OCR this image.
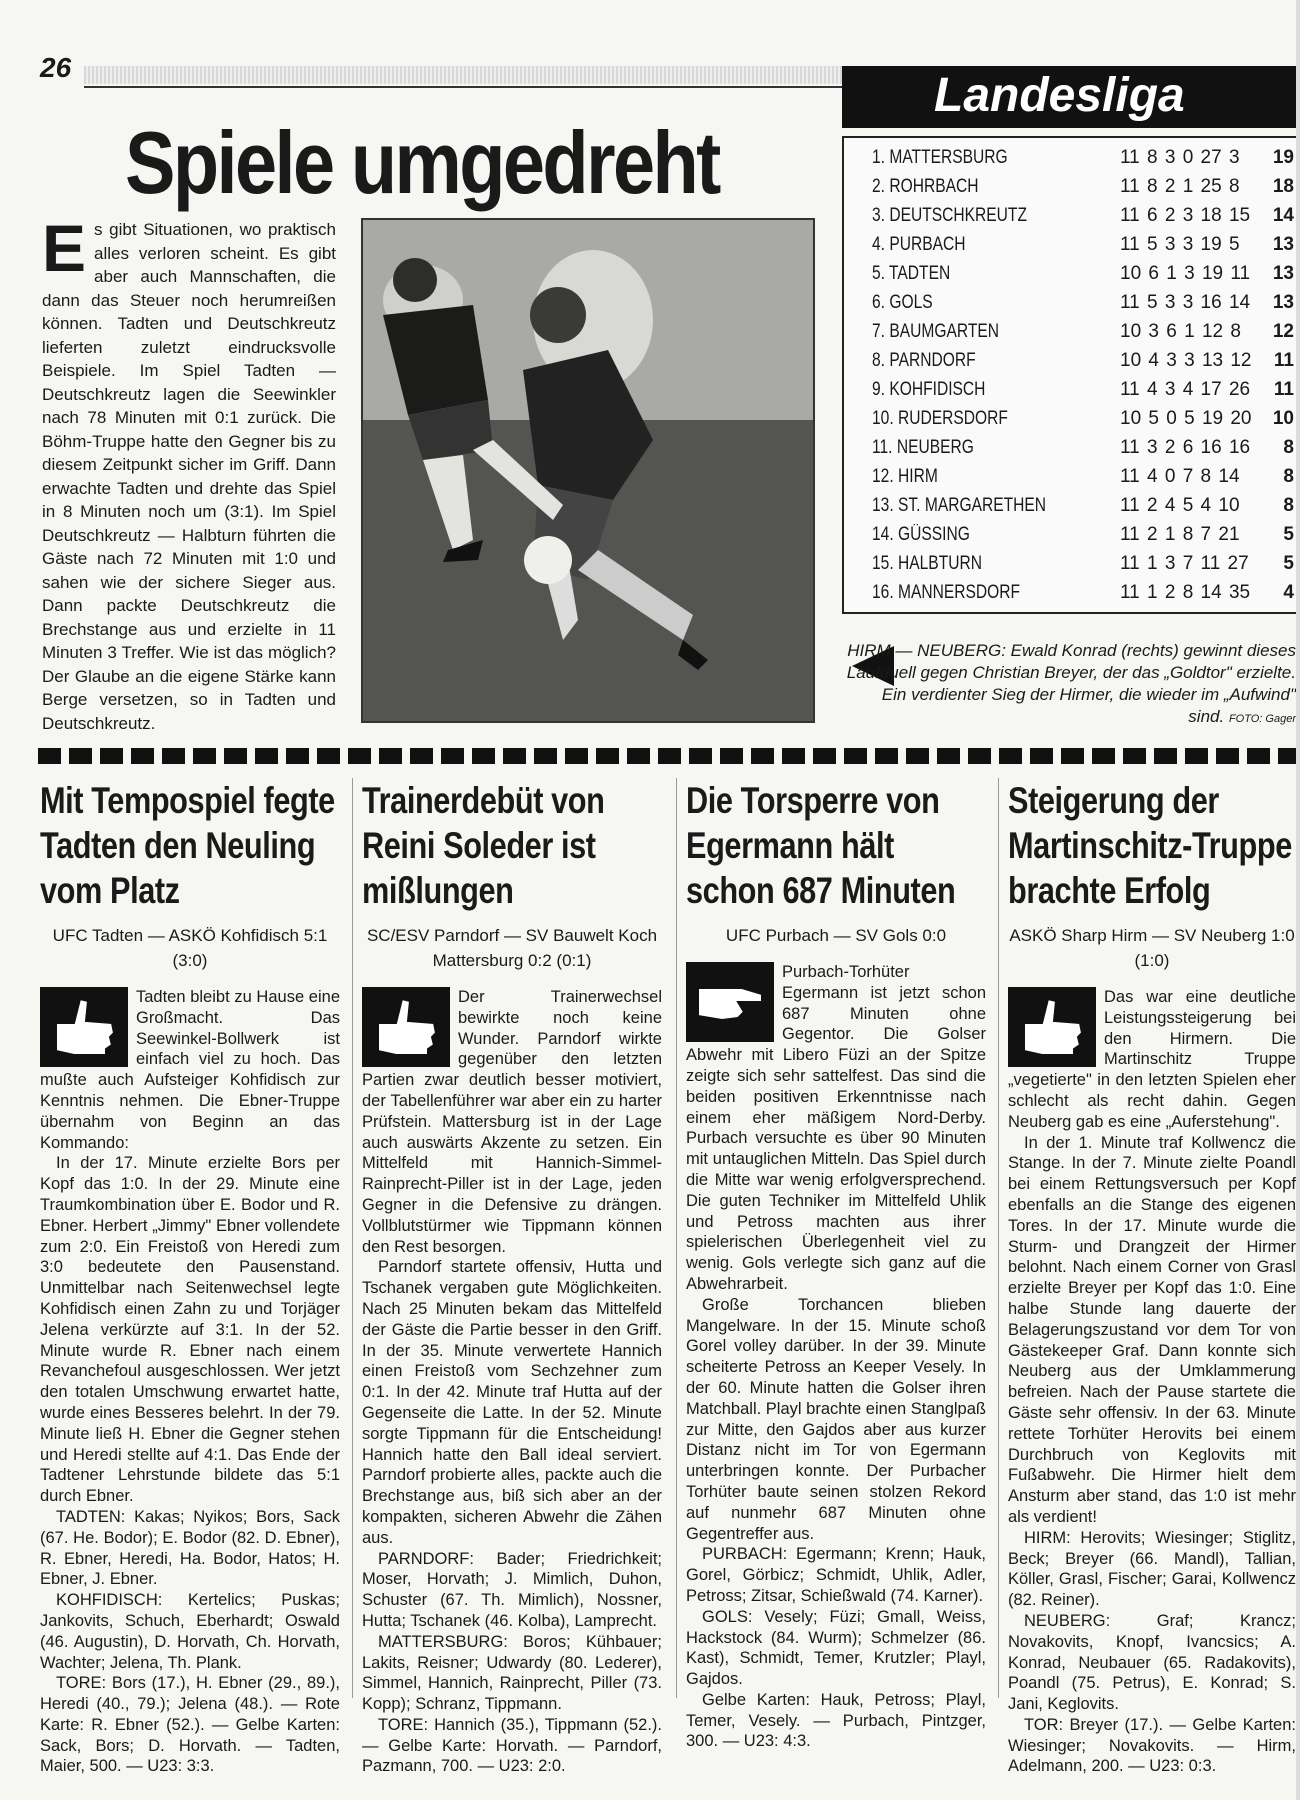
26
Spiele umgedreht
Es gibt Situationen, wo praktisch alles verloren scheint. Es gibt aber auch Mannschaften, die dann das Steuer noch herumreißen können. Tadten und Deutschkreutz lieferten zuletzt eindrucksvolle Beispiele. Im Spiel Tadten — Deutschkreutz lagen die Seewinkler nach 78 Minuten mit 0:1 zurück. Die Böhm-Truppe hatte den Gegner bis zu diesem Zeitpunkt sicher im Griff. Dann erwachte Tadten und drehte das Spiel in 8 Minuten noch um (3:1). Im Spiel Deutschkreutz — Halbturn führten die Gäste nach 72 Minuten mit 1:0 und sahen wie der sichere Sieger aus. Dann packte Deutschkreutz die Brechstange aus und erzielte in 11 Minuten 3 Treffer. Wie ist das möglich? Der Glaube an die eigene Stärke kann Berge versetzen, so in Tadten und Deutschkreutz.
Landesliga
1. MATTERSBURG	11 8 3 0 27 3 19
2. ROHRBACH	11 8 2 1 25 8 18
3. DEUTSCHKREUTZ	11 6 2 3 18 15 14
4. PURBACH	11 5 3 3 19 5 13
5. TADTEN	10 6 1 3 19 11 13
6. GOLS	11 5 3 3 16 14 13
7. BAUMGARTEN	10 3 6 1 12 8 12
8. PARNDORF	10 4 3 3 13 12 11
9. KOHFIDISCH	11 4 3 4 17 26 11
10. RUDERSDORF	10 5 0 5 19 20 10
11. NEUBERG	11 3 2 6 16 16 8
12. HIRM	11 4 0 7 8 14 8
13. ST. MARGARETHEN	11 2 4 5 4 10 8
14. GÜSSING	11 2 1 8 7 21 5
15. HALBTURN	11 1 3 7 11 27 5
16. MANNERSDORF	11 1 2 8 14 35 4
HIRM — NEUBERG: Ewald Konrad (rechts) gewinnt dieses Laufduell gegen Christian Breyer, der das „Goldtor" erzielte. Ein verdienter Sieg der Hirmer, die wieder im „Aufwind" sind. FOTO: Gager
Mit Tempospiel fegte Tadten den Neuling vom Platz
UFC Tadten — ASKÖ Kohfidisch 5:1 (3:0)

Tadten bleibt zu Hause eine Großmacht. Das Seewinkel-Bollwerk ist einfach viel zu hoch. Das mußte auch Aufsteiger Kohfidisch zur Kenntnis nehmen. Die Ebner-Truppe übernahm von Beginn an das Kommando:

In der 17. Minute erzielte Bors per Kopf das 1:0. In der 29. Minute eine Traumkombination über E. Bodor und R. Ebner. Herbert „Jimmy" Ebner vollendete zum 2:0. Ein Freistoß von Heredi zum 3:0 bedeutete den Pausenstand. Unmittelbar nach Seitenwechsel legte Kohfidisch einen Zahn zu und Torjäger Jelena verkürzte auf 3:1. In der 52. Minute wurde R. Ebner nach einem Revanchefoul ausgeschlossen. Wer jetzt den totalen Umschwung erwartet hatte, wurde eines Besseres belehrt. In der 79. Minute ließ H. Ebner die Gegner stehen und Heredi stellte auf 4:1. Das Ende der Tadtener Lehrstunde bildete das 5:1 durch Ebner.

TADTEN: Kakas; Nyikos; Bors, Sack (67. He. Bodor); E. Bodor (82. D. Ebner), R. Ebner, Heredi, Ha. Bodor, Hatos; H. Ebner, J. Ebner.

KOHFIDISCH: Kertelics; Puskas; Jankovits, Schuch, Eberhardt; Oswald (46. Augustin), D. Horvath, Ch. Horvath, Wachter; Jelena, Th. Plank.

TORE: Bors (17.), H. Ebner (29., 89.), Heredi (40., 79.); Jelena (48.). — Rote Karte: R. Ebner (52.). — Gelbe Karten: Sack, Bors; D. Horvath. — Tadten, Maier, 500. — U23: 3:3.

Trainerdebüt von Reini Soleder ist mißlungen
SC/ESV Parndorf — SV Bauwelt Koch Mattersburg 0:2 (0:1)

Der Trainerwechsel bewirkte noch keine Wunder. Parndorf wirkte gegenüber den letzten Partien zwar deutlich besser motiviert, der Tabellenführer war aber ein zu harter Prüfstein. Mattersburg ist in der Lage auch auswärts Akzente zu setzen. Ein Mittelfeld mit Hannich-Simmel-Rainprecht-Piller ist in der Lage, jeden Gegner in die Defensive zu drängen. Vollblutstürmer wie Tippmann können den Rest besorgen.

Parndorf startete offensiv, Hutta und Tschanek vergaben gute Möglichkeiten. Nach 25 Minuten bekam das Mittelfeld der Gäste die Partie besser in den Griff. In der 35. Minute verwertete Hannich einen Freistoß vom Sechzehner zum 0:1. In der 42. Minute traf Hutta auf der Gegenseite die Latte. In der 52. Minute sorgte Tippmann für die Entscheidung! Hannich hatte den Ball ideal serviert. Parndorf probierte alles, packte auch die Brechstange aus, biß sich aber an der kompakten, sicheren Abwehr die Zähen aus.

PARNDORF: Bader; Friedrichkeit; Moser, Horvath; J. Mimlich, Duhon, Schuster (67. Th. Mimlich), Nossner, Hutta; Tschanek (46. Kolba), Lamprecht.

MATTERSBURG: Boros; Kühbauer; Lakits, Reisner; Udwardy (80. Lederer), Simmel, Hannich, Rainprecht, Piller (73. Kopp); Schranz, Tippmann.

TORE: Hannich (35.), Tippmann (52.). — Gelbe Karte: Horvath. — Parndorf, Pazmann, 700. — U23: 2:0.

Die Torsperre von Egermann hält schon 687 Minuten
UFC Purbach — SV Gols 0:0

Purbach-Torhüter Egermann ist jetzt schon 687 Minuten ohne Gegentor. Die Golser Abwehr mit Libero Füzi an der Spitze zeigte sich sehr sattelfest. Das sind die beiden positiven Erkenntnisse nach einem eher mäßigem Nord-Derby. Purbach versuchte es über 90 Minuten mit untauglichen Mitteln. Das Spiel durch die Mitte war wenig erfolgversprechend. Die guten Techniker im Mittelfeld Uhlik und Petross machten aus ihrer spielerischen Überlegenheit viel zu wenig. Gols verlegte sich ganz auf die Abwehrarbeit.

Große Torchancen blieben Mangelware. In der 15. Minute schoß Gorel volley darüber. In der 39. Minute scheiterte Petross an Keeper Vesely. In der 60. Minute hatten die Golser ihren Matchball. Playl brachte einen Stanglpaß zur Mitte, den Gajdos aber aus kurzer Distanz nicht im Tor von Egermann unterbringen konnte. Der Purbacher Torhüter baute seinen stolzen Rekord auf nunmehr 687 Minuten ohne Gegentreffer aus.

PURBACH: Egermann; Krenn; Hauk, Gorel, Görbicz; Schmidt, Uhlik, Adler, Petross; Zitsar, Schießwald (74. Karner).

GOLS: Vesely; Füzi; Gmall, Weiss, Hackstock (84. Wurm); Schmelzer (86. Kast), Schmidt, Temer, Krutzler; Playl, Gajdos.

Gelbe Karten: Hauk, Petross; Playl, Temer, Vesely. — Purbach, Pintzger, 300. — U23: 4:3.

Steigerung der Martinschitz-Truppe brachte Erfolg
ASKÖ Sharp Hirm — SV Neuberg 1:0 (1:0)

Das war eine deutliche Leistungssteigerung bei den Hirmern. Die Martinschitz Truppe „vegetierte" in den letzten Spielen eher schlecht als recht dahin. Gegen Neuberg gab es eine „Auferstehung".

In der 1. Minute traf Kollwencz die Stange. In der 7. Minute zielte Poandl bei einem Rettungsversuch per Kopf ebenfalls an die Stange des eigenen Tores. In der 17. Minute wurde die Sturm- und Drangzeit der Hirmer belohnt. Nach einem Corner von Grasl erzielte Breyer per Kopf das 1:0. Eine halbe Stunde lang dauerte der Belagerungszustand vor dem Tor von Gästekeeper Graf. Dann konnte sich Neuberg aus der Umklammerung befreien. Nach der Pause startete die Gäste sehr offensiv. In der 63. Minute rettete Torhüter Herovits bei einem Durchbruch von Keglovits mit Fußabwehr. Die Hirmer hielt dem Ansturm aber stand, das 1:0 ist mehr als verdient!

HIRM: Herovits; Wiesinger; Stiglitz, Beck; Breyer (66. Mandl), Tallian, Köller, Grasl, Fischer; Garai, Kollwencz (82. Reiner).

NEUBERG: Graf; Krancz; Novakovits, Knopf, Ivancsics; A. Konrad, Neubauer (65. Radakovits), Poandl (75. Petrus), E. Konrad; S. Jani, Keglovits.

TOR: Breyer (17.). — Gelbe Karten: Wiesinger; Novakovits. — Hirm, Adelmann, 200. — U23: 0:3.
